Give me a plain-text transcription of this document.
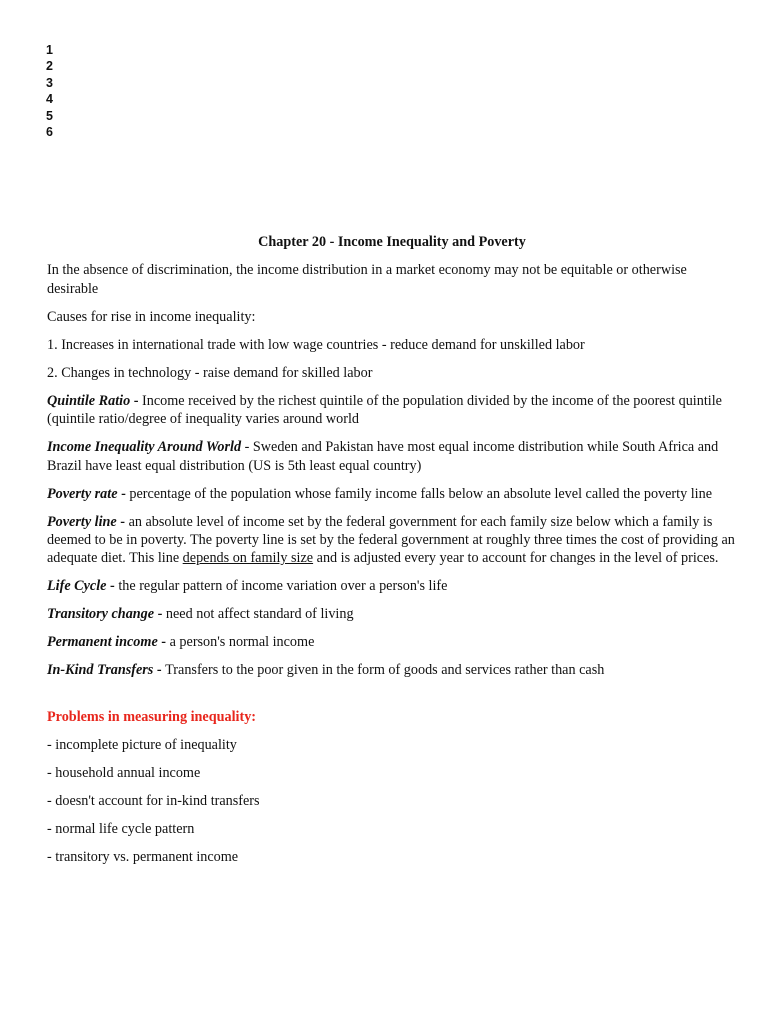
1
2
3
4
5
6

Chapter 20 - Income Inequality and Poverty

In the absence of discrimination, the income distribution in a market economy may not be equitable or otherwise desirable

Causes for rise in income inequality:

1. Increases in international trade with low wage countries - reduce demand for unskilled labor

2. Changes in technology - raise demand for skilled labor

Quintile Ratio - Income received by the richest quintile of the population divided by the income of the poorest quintile (quintile ratio/degree of inequality varies around world

Income Inequality Around World - Sweden and Pakistan have most equal income distribution while South Africa and Brazil have least equal distribution (US is 5th least equal country)

Poverty rate - percentage of the population whose family income falls below an absolute level called the poverty line

Poverty line - an absolute level of income set by the federal government for each family size below which a family is deemed to be in poverty. The poverty line is set by the federal government at roughly three times the cost of providing an adequate diet. This line depends on family size and is adjusted every year to account for changes in the level of prices.

Life Cycle - the regular pattern of income variation over a person's life

Transitory change - need not affect standard of living

Permanent income - a person's normal income

In-Kind Transfers - Transfers to the poor given in the form of goods and services rather than cash

Problems in measuring inequality:

- incomplete picture of inequality

- household annual income

- doesn't account for in-kind transfers

- normal life cycle pattern

- transitory vs. permanent income
